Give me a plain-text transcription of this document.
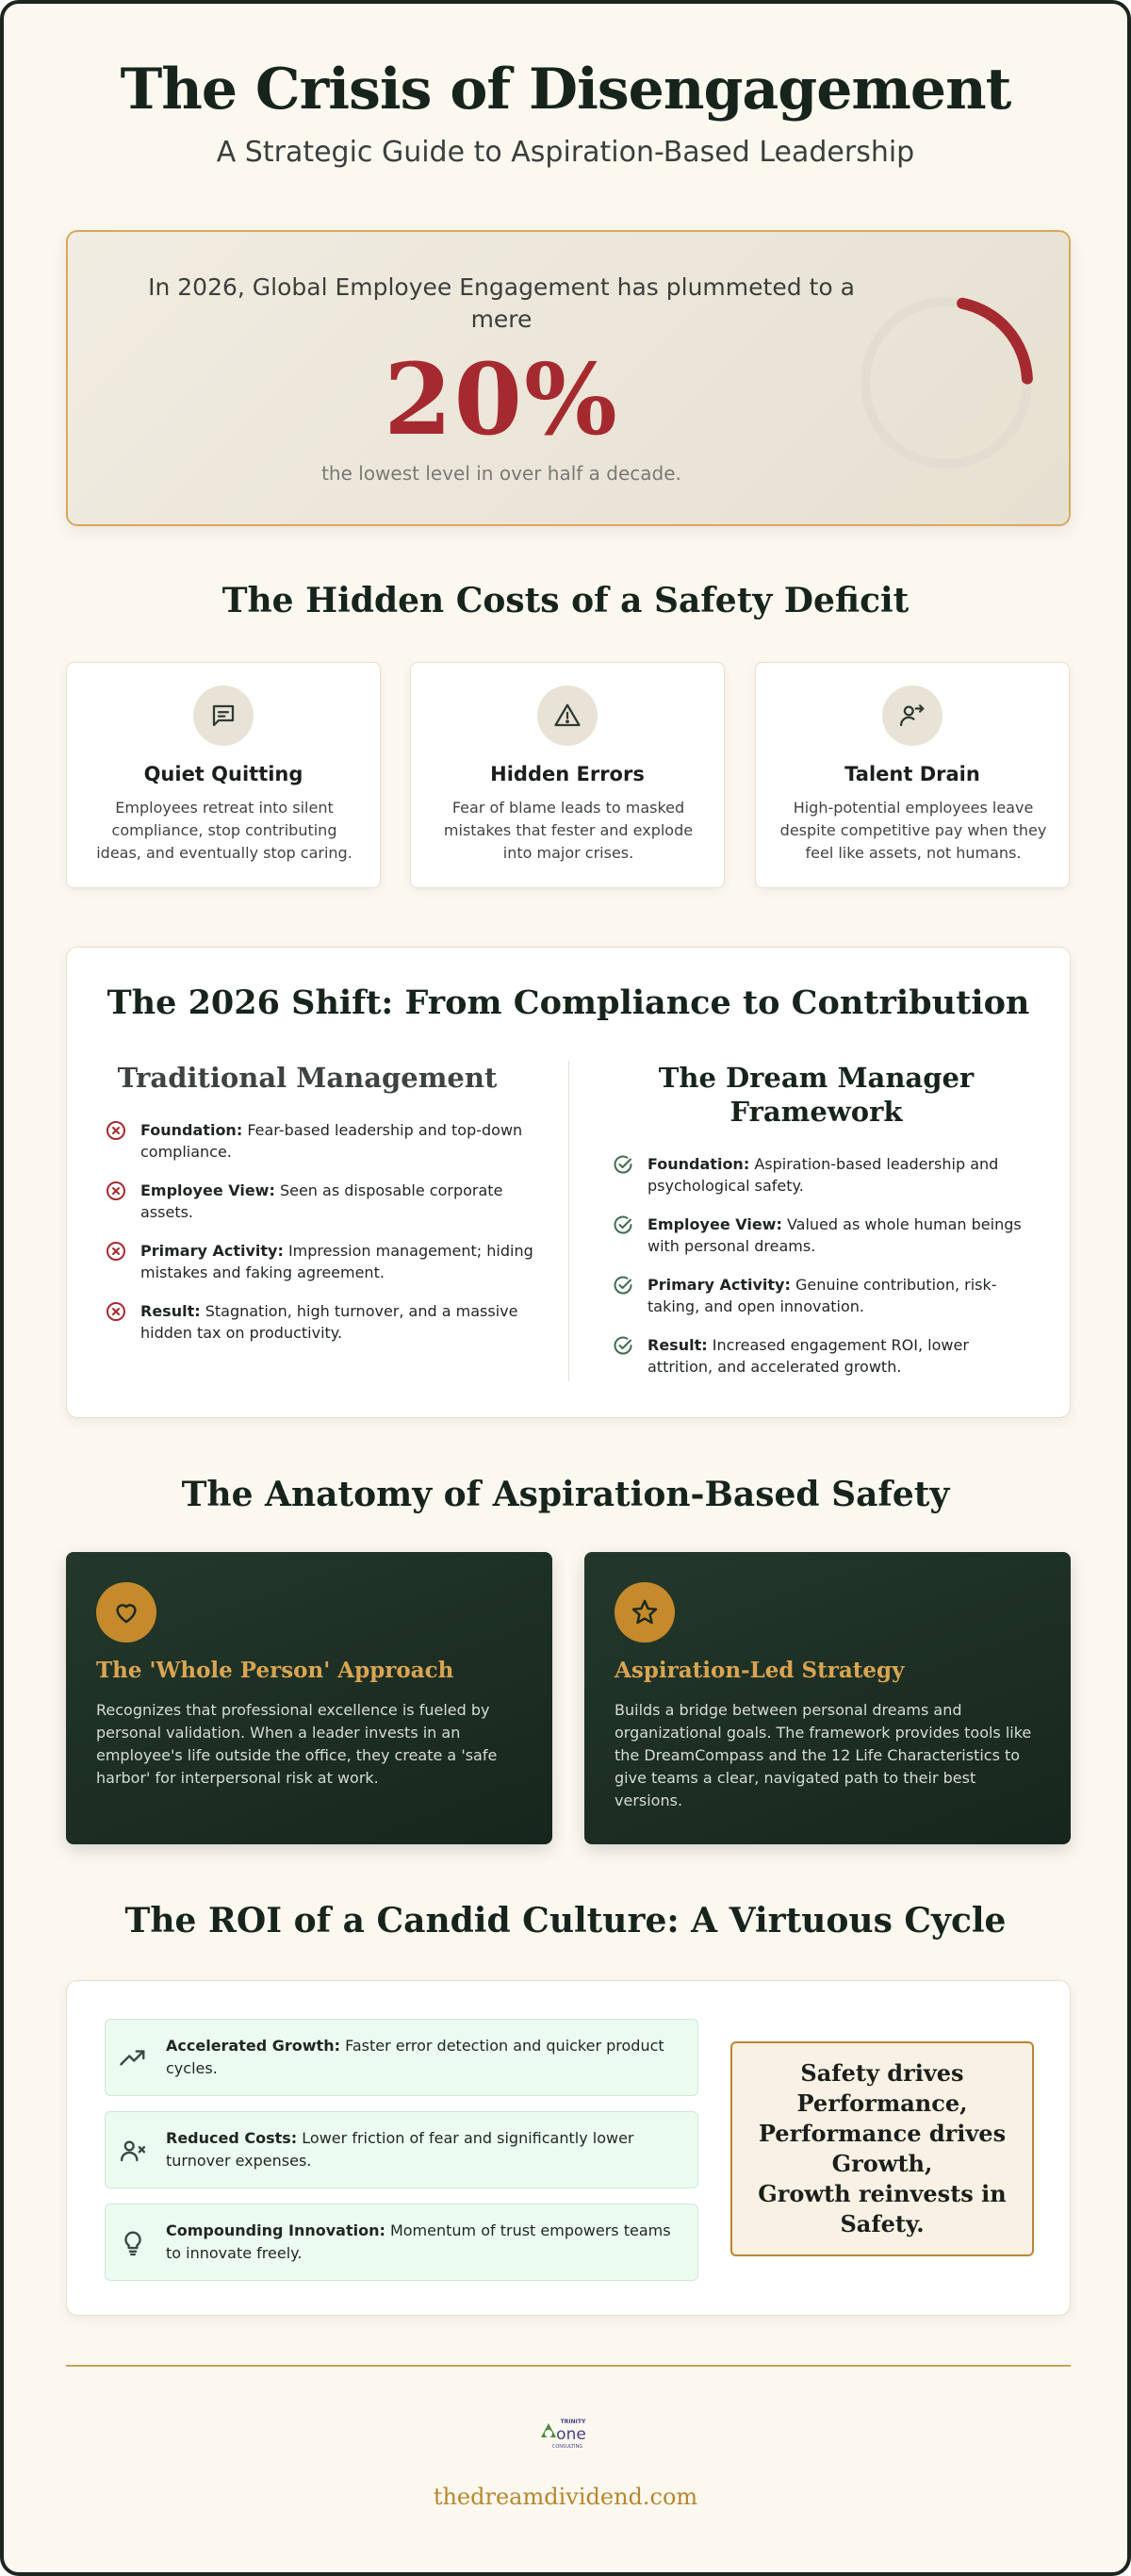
The Crisis of Disengagement
A Strategic Guide to Aspiration-Based Leadership
In 2026, Global Employee Engagement has plummeted to a mere
20%
the lowest level in over half a decade.
The Hidden Costs of a Safety Deficit
Quiet Quitting
Employees retreat into silent compliance, stop contributing ideas, and eventually stop caring.
Hidden Errors
Fear of blame leads to masked mistakes that fester and explode into major crises.
Talent Drain
High-potential employees leave despite competitive pay when they feel like assets, not humans.
The 2026 Shift: From Compliance to Contribution
Traditional Management	The Dream Manager Framework
Foundation: Fear-based leadership and top-down compliance.
Employee View: Seen as disposable corporate assets.
Primary Activity: Impression management; hiding mistakes and faking agreement.
Result: Stagnation, high turnover, and a massive hidden tax on productivity.
Foundation: Aspiration-based leadership and psychological safety.
Employee View: Valued as whole human beings with personal dreams.
Primary Activity: Genuine contribution, risk-taking, and open innovation.
Result: Increased engagement ROI, lower attrition, and accelerated growth.
The Anatomy of Aspiration-Based Safety
The 'Whole Person' Approach
Recognizes that professional excellence is fueled by personal validation. When a leader invests in an employee's life outside the office, they create a 'safe harbor' for interpersonal risk at work.
Aspiration-Led Strategy
Builds a bridge between personal dreams and organizational goals. The framework provides tools like the DreamCompass and the 12 Life Characteristics to give teams a clear, navigated path to their best versions.
The ROI of a Candid Culture: A Virtuous Cycle
Accelerated Growth: Faster error detection and quicker product cycles.
Reduced Costs: Lower friction of fear and significantly lower turnover expenses.
Compounding Innovation: Momentum of trust empowers teams to innovate freely.
Safety drives Performance,
Performance drives Growth,
Growth reinvests in Safety.
TRINITY
one
CONSULTING
thedreamdividend.com
